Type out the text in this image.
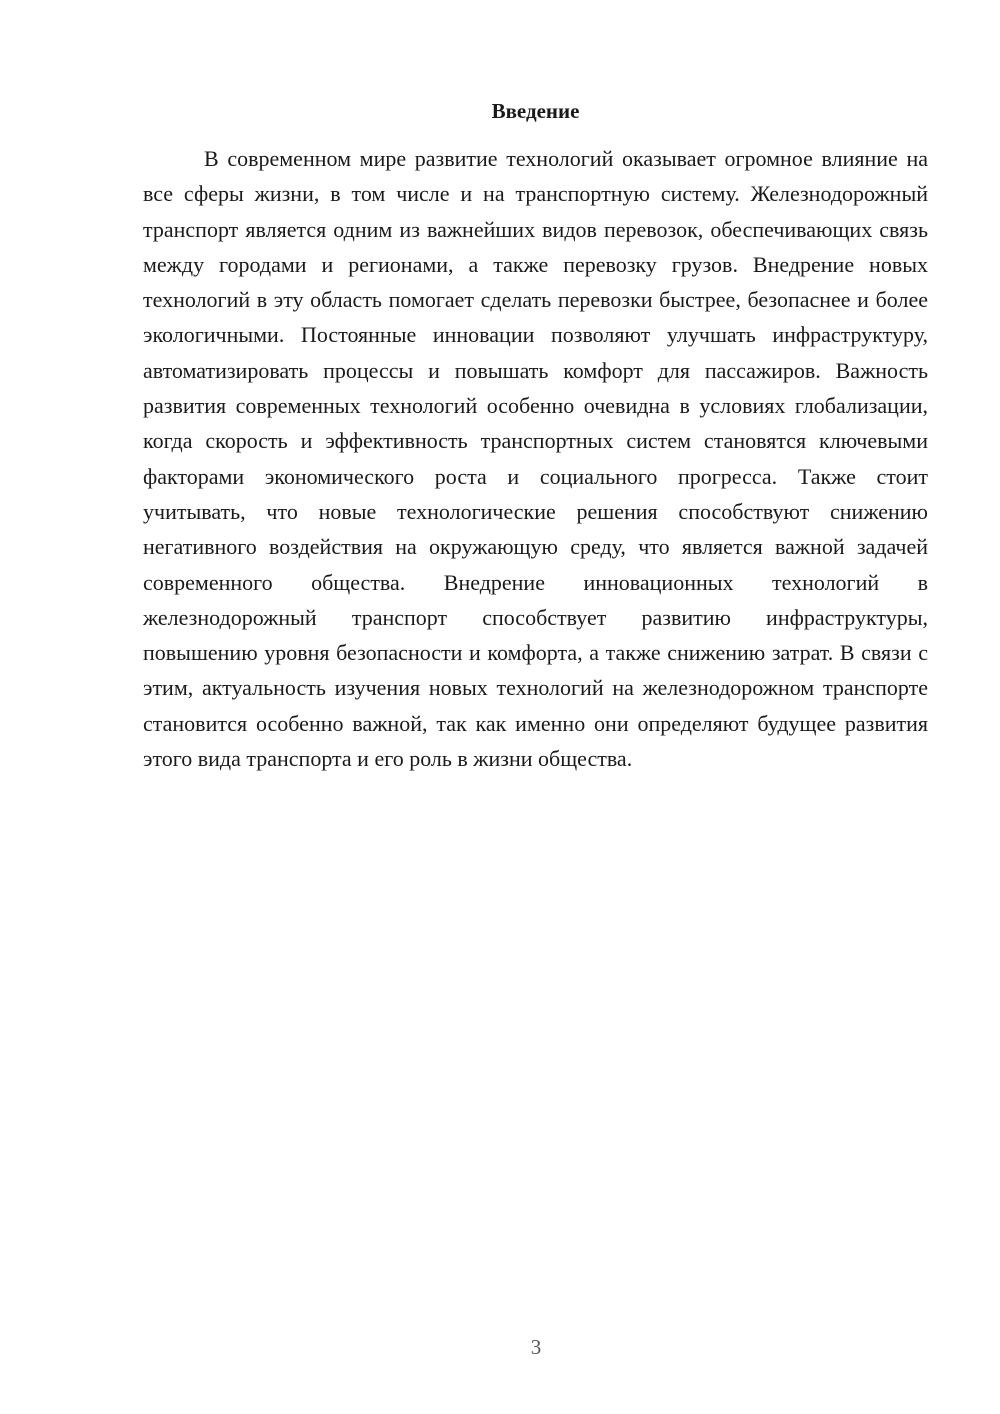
Введение

В современном мире развитие технологий оказывает огромное влияние на все сферы жизни, в том числе и на транспортную систему. Железнодорожный транспорт является одним из важнейших видов перевозок, обеспечивающих связь между городами и регионами, а также перевозку грузов. Внедрение новых технологий в эту область помогает сделать перевозки быстрее, безопаснее и более экологичными. Постоянные инновации позволяют улучшать инфраструктуру, автоматизировать процессы и повышать комфорт для пассажиров. Важность развития современных технологий особенно очевидна в условиях глобализации, когда скорость и эффективность транспортных систем становятся ключевыми факторами экономического роста и социального прогресса. Также стоит учитывать, что новые технологические решения способствуют снижению негативного воздействия на окружающую среду, что является важной задачей современного общества. Внедрение инновационных технологий в железнодорожный транспорт способствует развитию инфраструктуры, повышению уровня безопасности и комфорта, а также снижению затрат. В связи с этим, актуальность изучения новых технологий на железнодорожном транспорте становится особенно важной, так как именно они определяют будущее развития этого вида транспорта и его роль в жизни общества.

3
